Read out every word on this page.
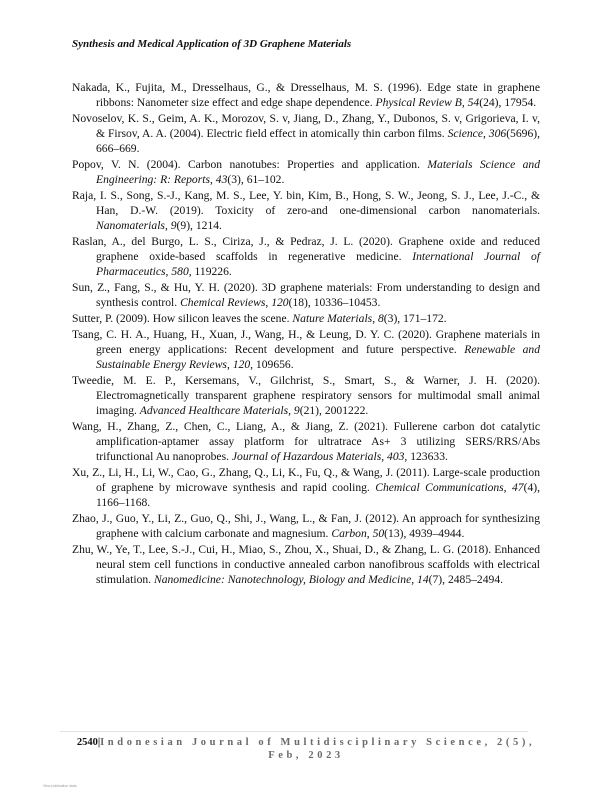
Synthesis and Medical Application of 3D Graphene Materials
Nakada, K., Fujita, M., Dresselhaus, G., & Dresselhaus, M. S. (1996). Edge state in graphene ribbons: Nanometer size effect and edge shape dependence. Physical Review B, 54(24), 17954.
Novoselov, K. S., Geim, A. K., Morozov, S. v, Jiang, D., Zhang, Y., Dubonos, S. v, Grigorieva, I. v, & Firsov, A. A. (2004). Electric field effect in atomically thin carbon films. Science, 306(5696), 666–669.
Popov, V. N. (2004). Carbon nanotubes: Properties and application. Materials Science and Engineering: R: Reports, 43(3), 61–102.
Raja, I. S., Song, S.-J., Kang, M. S., Lee, Y. bin, Kim, B., Hong, S. W., Jeong, S. J., Lee, J.-C., & Han, D.-W. (2019). Toxicity of zero-and one-dimensional carbon nanomaterials. Nanomaterials, 9(9), 1214.
Raslan, A., del Burgo, L. S., Ciriza, J., & Pedraz, J. L. (2020). Graphene oxide and reduced graphene oxide-based scaffolds in regenerative medicine. International Journal of Pharmaceutics, 580, 119226.
Sun, Z., Fang, S., & Hu, Y. H. (2020). 3D graphene materials: From understanding to design and synthesis control. Chemical Reviews, 120(18), 10336–10453.
Sutter, P. (2009). How silicon leaves the scene. Nature Materials, 8(3), 171–172.
Tsang, C. H. A., Huang, H., Xuan, J., Wang, H., & Leung, D. Y. C. (2020). Graphene materials in green energy applications: Recent development and future perspective. Renewable and Sustainable Energy Reviews, 120, 109656.
Tweedie, M. E. P., Kersemans, V., Gilchrist, S., Smart, S., & Warner, J. H. (2020). Electromagnetically transparent graphene respiratory sensors for multimodal small animal imaging. Advanced Healthcare Materials, 9(21), 2001222.
Wang, H., Zhang, Z., Chen, C., Liang, A., & Jiang, Z. (2021). Fullerene carbon dot catalytic amplification-aptamer assay platform for ultratrace As+ 3 utilizing SERS/RRS/Abs trifunctional Au nanoprobes. Journal of Hazardous Materials, 403, 123633.
Xu, Z., Li, H., Li, W., Cao, G., Zhang, Q., Li, K., Fu, Q., & Wang, J. (2011). Large-scale production of graphene by microwave synthesis and rapid cooling. Chemical Communications, 47(4), 1166–1168.
Zhao, J., Guo, Y., Li, Z., Guo, Q., Shi, J., Wang, L., & Fan, J. (2012). An approach for synthesizing graphene with calcium carbonate and magnesium. Carbon, 50(13), 4939–4944.
Zhu, W., Ye, T., Lee, S.-J., Cui, H., Miao, S., Zhou, X., Shuai, D., & Zhang, L. G. (2018). Enhanced neural stem cell functions in conductive annealed carbon nanofibrous scaffolds with electrical stimulation. Nanomedicine: Nanotechnology, Biology and Medicine, 14(7), 2485–2494.
2540|Indonesian Journal of Multidisciplinary Science, 2(5), Feb, 2023
View publication stats
